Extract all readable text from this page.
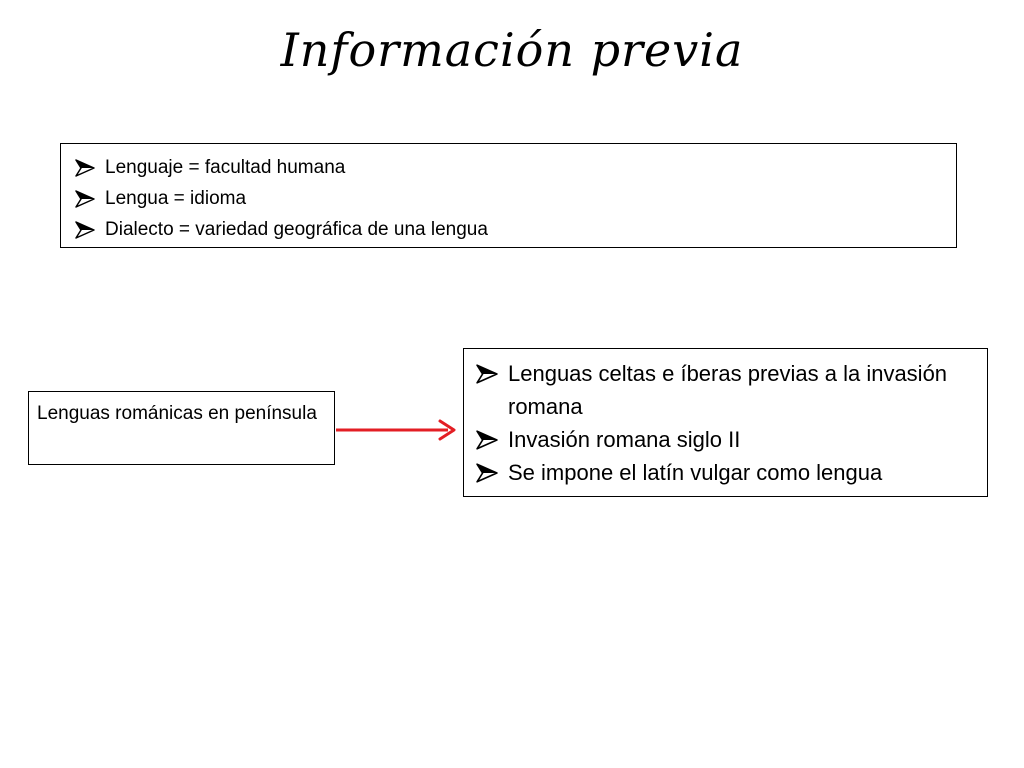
Información previa
Lenguaje = facultad humana
Lengua = idioma
Dialecto = variedad geográfica de una lengua
Lenguas románicas en península
Lenguas celtas e íberas previas a la invasión romana
Invasión romana siglo II
Se impone el latín vulgar como lengua
